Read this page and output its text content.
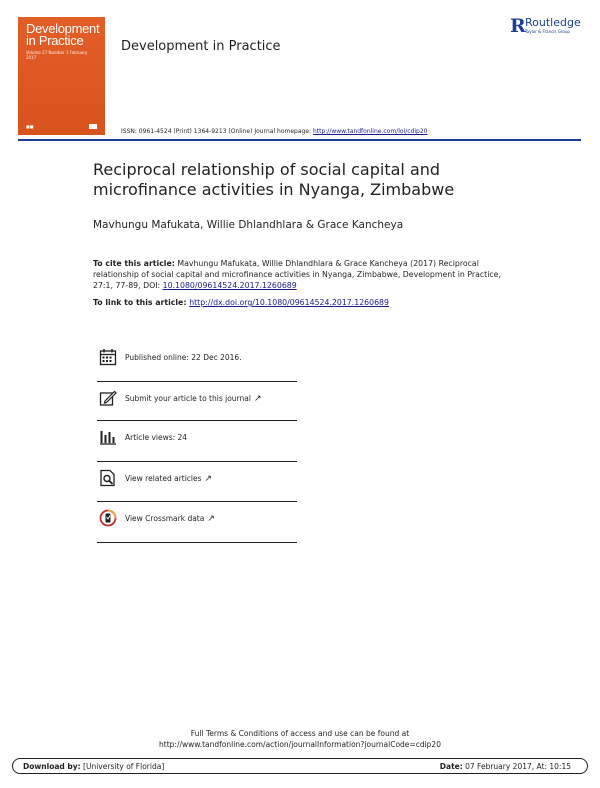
Development
in Practice
Volume 27 Number 1 February 2017
■■
Development in Practice
R Routledge
Taylor & Francis Group
ISSN: 0961-4524 (Print) 1364-9213 (Online) Journal homepage: http://www.tandfonline.com/loi/cdip20
Reciprocal relationship of social capital and
microfinance activities in Nyanga, Zimbabwe
Mavhungu Mafukata, Willie Dhlandhlara & Grace Kancheya
To cite this article: Mavhungu Mafukata, Willie Dhlandhlara & Grace Kancheya (2017) Reciprocal relationship of social capital and microfinance activities in Nyanga, Zimbabwe, Development in Practice, 27:1, 77-89, DOI: 10.1080/09614524.2017.1260689
To link to this article: http://dx.doi.org/10.1080/09614524.2017.1260689
Published online: 22 Dec 2016.
Submit your article to this journal ↗
Article views: 24
View related articles ↗
View Crossmark data ↗
Full Terms & Conditions of access and use can be found at
http://www.tandfonline.com/action/journalInformation?journalCode=cdip20
Download by: [University of Florida]	Date: 07 February 2017, At: 10:15
